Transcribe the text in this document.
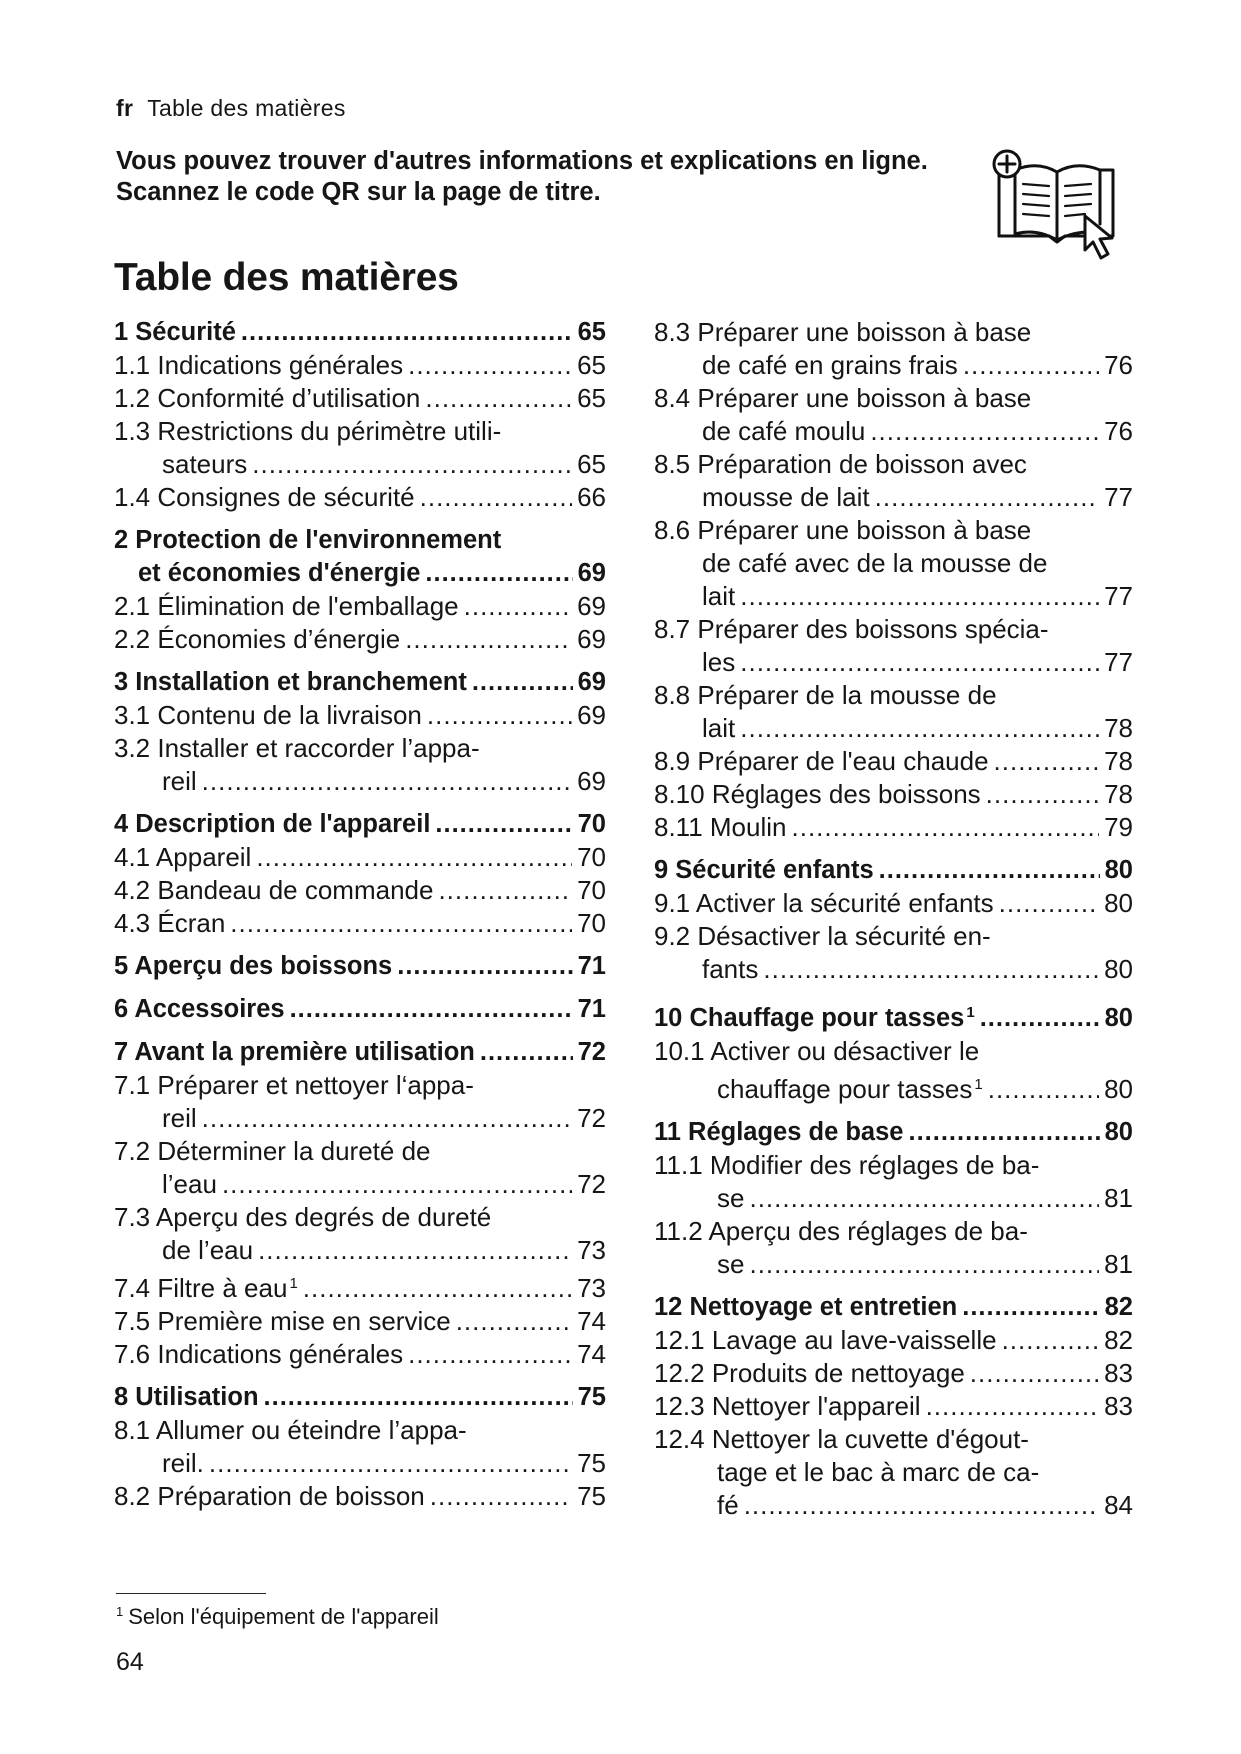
fr Table des matières
Vous pouvez trouver d'autres informations et explications en ligne. Scannez le code QR sur la page de titre.
Table des matières
1 Sécurité .....	65
1.1 Indications générales .....	65
1.2 Conformité d’utilisation .....	65
1.3 Restrictions du périmètre utili-
sateurs .....	65
1.4 Consignes de sécurité .....	66
2 Protection de l'environnement
et économies d'énergie .....	69
2.1 Élimination de l'emballage .....	69
2.2 Économies d’énergie .....	69
3 Installation et branchement .....	69
3.1 Contenu de la livraison .....	69
3.2 Installer et raccorder l’appa-
reil .....	69
4 Description de l'appareil .....	70
4.1 Appareil .....	70
4.2 Bandeau de commande .....	70
4.3 Écran .....	70
5 Aperçu des boissons .....	71
6 Accessoires .....	71
7 Avant la première utilisation .....	72
7.1 Préparer et nettoyer l‘appa-
reil .....	72
7.2 Déterminer la dureté de
l’eau .....	72
7.3 Aperçu des degrés de dureté
de l’eau .....	73
7.4 Filtre à eau $^1$ .....	73
7.5 Première mise en service .....	74
7.6 Indications générales .....	74
8 Utilisation .....	75
8.1 Allumer ou éteindre l’appa-
reil. .....	75
8.2 Préparation de boisson .....	75
8.3 Préparer une boisson à base
de café en grains frais .....	76
8.4 Préparer une boisson à base
de café moulu .....	76
8.5 Préparation de boisson avec
mousse de lait .....	77
8.6 Préparer une boisson à base
de café avec de la mousse de
lait .....	77
8.7 Préparer des boissons spécia-
les .....	77
8.8 Préparer de la mousse de
lait .....	78
8.9 Préparer de l'eau chaude .....	78
8.10 Réglages des boissons .....	78
8.11 Moulin .....	79
9 Sécurité enfants .....	80
9.1 Activer la sécurité enfants .....	80
9.2 Désactiver la sécurité en-
fants .....	80
10 Chauffage pour tasses $^1$ .....	80
10.1 Activer ou désactiver le
chauffage pour tasses $^1$ .....	80
11 Réglages de base .....	80
11.1 Modifier des réglages de ba-
se .....	81
11.2 Aperçu des réglages de ba-
se .....	81
12 Nettoyage et entretien .....	82
12.1 Lavage au lave-vaisselle .....	82
12.2 Produits de nettoyage .....	83
12.3 Nettoyer l'appareil .....	83
12.4 Nettoyer la cuvette d'égout-
tage et le bac à marc de ca-
fé .....	84
$^1$ Selon l'équipement de l'appareil
64
